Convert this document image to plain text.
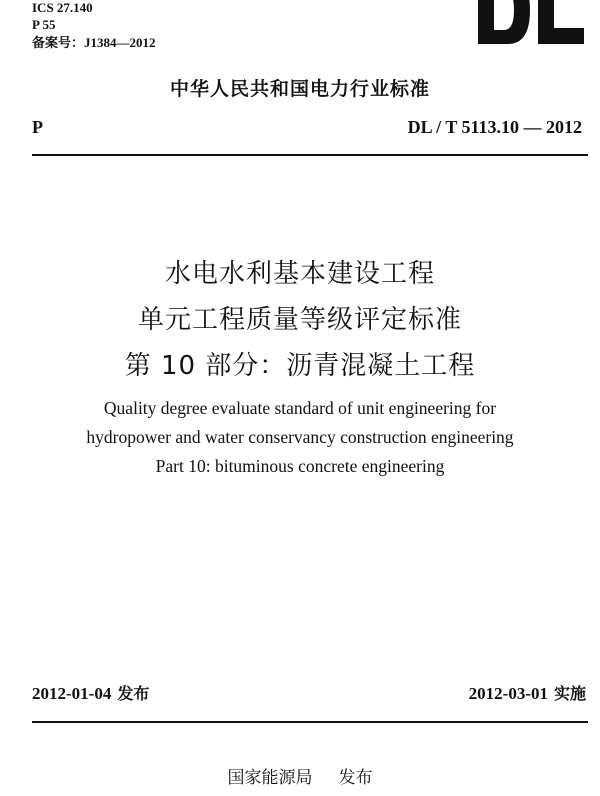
ICS 27.140
P 55
备案号：J1384—2012
中华人民共和国电力行业标准
P	DL / T 5113.10 — 2012
水电水利基本建设工程
单元工程质量等级评定标准
第 10 部分：沥青混凝土工程
Quality degree evaluate standard of unit engineering for
hydropower and water conservancy construction engineering
Part 10: bituminous concrete engineering
2012-01-04 发布	2012-03-01 实施
国家能源局 发布
